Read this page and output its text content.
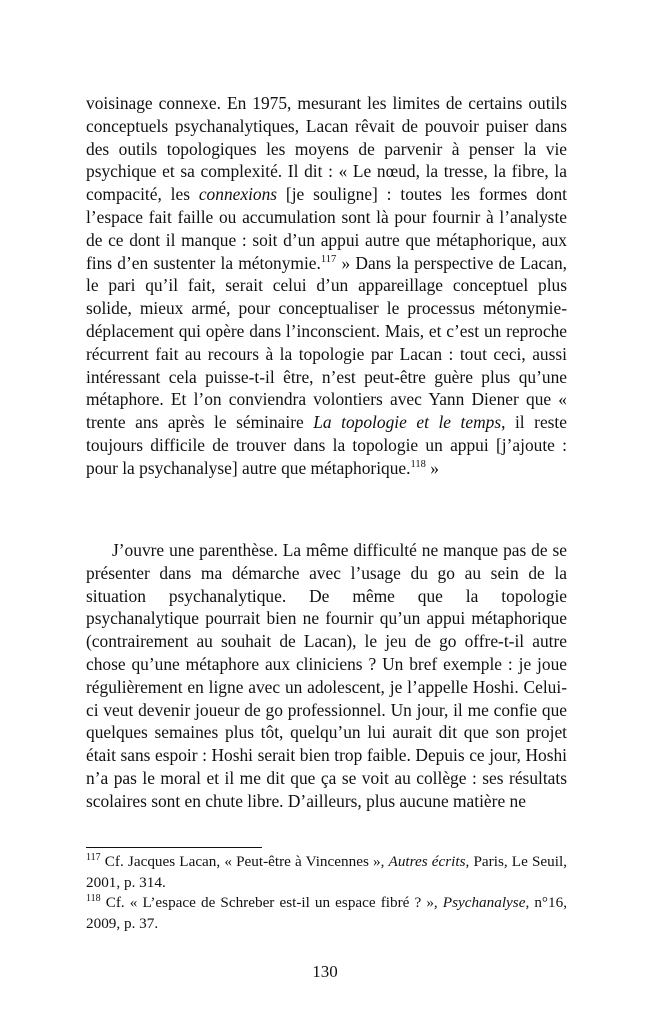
voisinage connexe. En 1975, mesurant les limites de certains outils conceptuels psychanalytiques, Lacan rêvait de pouvoir puiser dans des outils topologiques les moyens de parvenir à penser la vie psychique et sa complexité. Il dit : « Le nœud, la tresse, la fibre, la compacité, les connexions [je souligne] : toutes les formes dont l’espace fait faille ou accumulation sont là pour fournir à l’analyste de ce dont il manque : soit d’un appui autre que métaphorique, aux fins d’en sustenter la métonymie.$^{117}$ » Dans la perspective de Lacan, le pari qu’il fait, serait celui d’un appareillage conceptuel plus solide, mieux armé, pour conceptualiser le processus métonymie-déplacement qui opère dans l’inconscient. Mais, et c’est un reproche récurrent fait au recours à la topologie par Lacan : tout ceci, aussi intéressant cela puisse-t-il être, n’est peut-être guère plus qu’une métaphore. Et l’on conviendra volontiers avec Yann Diener que « trente ans après le séminaire La topologie et le temps, il reste toujours difficile de trouver dans la topologie un appui [j’ajoute : pour la psychanalyse] autre que métaphorique.$^{118}$ »

J’ouvre une parenthèse. La même difficulté ne manque pas de se présenter dans ma démarche avec l’usage du go au sein de la situation psychanalytique. De même que la topologie psychanalytique pourrait bien ne fournir qu’un appui métaphorique (contrairement au souhait de Lacan), le jeu de go offre-t-il autre chose qu’une métaphore aux cliniciens ? Un bref exemple : je joue régulièrement en ligne avec un adolescent, je l’appelle Hoshi. Celui-ci veut devenir joueur de go professionnel. Un jour, il me confie que quelques semaines plus tôt, quelqu’un lui aurait dit que son projet était sans espoir : Hoshi serait bien trop faible. Depuis ce jour, Hoshi n’a pas le moral et il me dit que ça se voit au collège : ses résultats scolaires sont en chute libre. D’ailleurs, plus aucune matière ne

$^{117}$ Cf. Jacques Lacan, « Peut-être à Vincennes », Autres écrits, Paris, Le Seuil, 2001, p. 314.

$^{118}$ Cf. « L’espace de Schreber est-il un espace fibré ? », Psychanalyse, n°16, 2009, p. 37.

130
